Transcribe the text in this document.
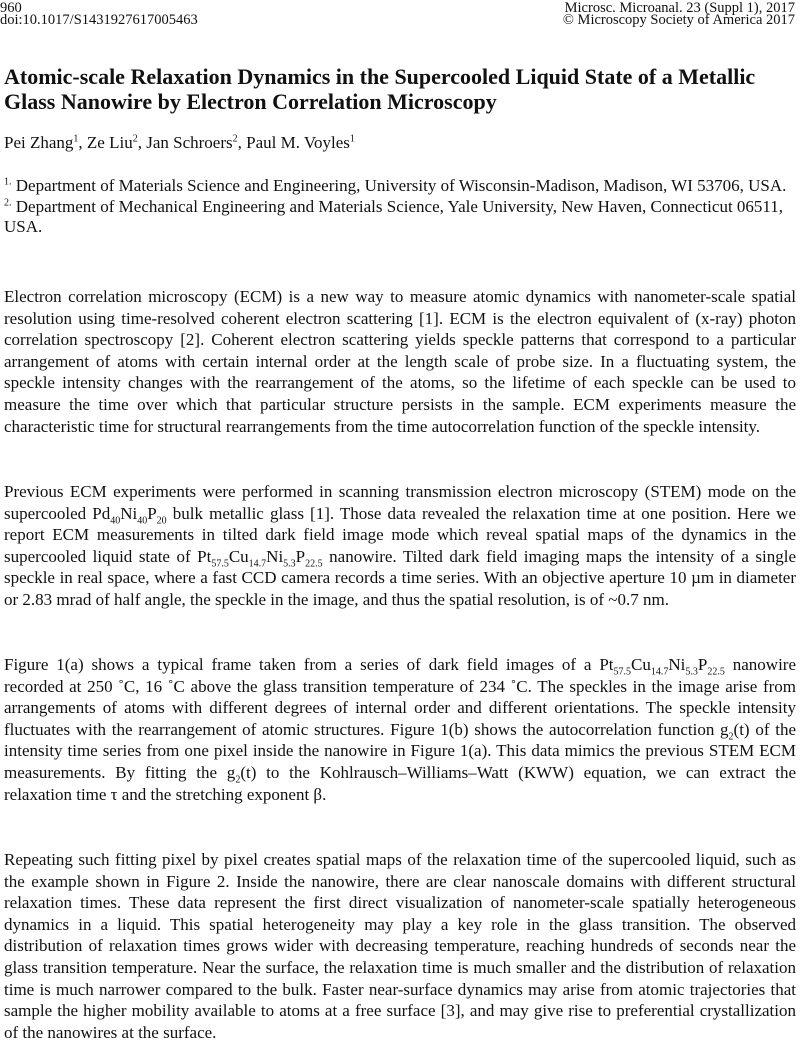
960
doi:10.1017/S1431927617005463
Microsc. Microanal. 23 (Suppl 1), 2017
© Microscopy Society of America 2017
Atomic-scale Relaxation Dynamics in the Supercooled Liquid State of a Metallic Glass Nanowire by Electron Correlation Microscopy
Pei Zhang$^1$, Ze Liu$^2$, Jan Schroers$^2$, Paul M. Voyles$^1$

$^{1.}$ Department of Materials Science and Engineering, University of Wisconsin-Madison, Madison, WI 53706, USA.

$^{2.}$ Department of Mechanical Engineering and Materials Science, Yale University, New Haven, Connecticut 06511, USA.

Electron correlation microscopy (ECM) is a new way to measure atomic dynamics with nanometer-scale spatial resolution using time-resolved coherent electron scattering [1]. ECM is the electron equivalent of (x-ray) photon correlation spectroscopy [2]. Coherent electron scattering yields speckle patterns that correspond to a particular arrangement of atoms with certain internal order at the length scale of probe size. In a fluctuating system, the speckle intensity changes with the rearrangement of the atoms, so the lifetime of each speckle can be used to measure the time over which that particular structure persists in the sample. ECM experiments measure the characteristic time for structural rearrangements from the time autocorrelation function of the speckle intensity.

Previous ECM experiments were performed in scanning transmission electron microscopy (STEM) mode on the supercooled $Pd_{40}Ni_{40}P_{20}$ bulk metallic glass [1]. Those data revealed the relaxation time at one position. Here we report ECM measurements in tilted dark field image mode which reveal spatial maps of the dynamics in the supercooled liquid state of $Pt_{57.5}Cu_{14.7}Ni_{5.3}P_{22.5}$ nanowire. Tilted dark field imaging maps the intensity of a single speckle in real space, where a fast CCD camera records a time series. With an objective aperture 10 µm in diameter or 2.83 mrad of half angle, the speckle in the image, and thus the spatial resolution, is of ~0.7 nm.

Figure 1(a) shows a typical frame taken from a series of dark field images of a $Pt_{57.5}Cu_{14.7}Ni_{5.3}P_{22.5}$ nanowire recorded at 250 ˚C, 16 ˚C above the glass transition temperature of 234 ˚C. The speckles in the image arise from arrangements of atoms with different degrees of internal order and different orientations. The speckle intensity fluctuates with the rearrangement of atomic structures. Figure 1(b) shows the autocorrelation function $g_2(t)$ of the intensity time series from one pixel inside the nanowire in Figure 1(a). This data mimics the previous STEM ECM measurements. By fitting the $g_2(t)$ to the Kohlrausch–Williams–Watt (KWW) equation, we can extract the relaxation time τ and the stretching exponent β.

Repeating such fitting pixel by pixel creates spatial maps of the relaxation time of the supercooled liquid, such as the example shown in Figure 2. Inside the nanowire, there are clear nanoscale domains with different structural relaxation times. These data represent the first direct visualization of nanometer-scale spatially heterogeneous dynamics in a liquid. This spatial heterogeneity may play a key role in the glass transition. The observed distribution of relaxation times grows wider with decreasing temperature, reaching hundreds of seconds near the glass transition temperature. Near the surface, the relaxation time is much smaller and the distribution of relaxation time is much narrower compared to the bulk. Faster near-surface dynamics may arise from atomic trajectories that sample the higher mobility available to atoms at a free surface [3], and may give rise to preferential crystallization of the nanowires at the surface.
